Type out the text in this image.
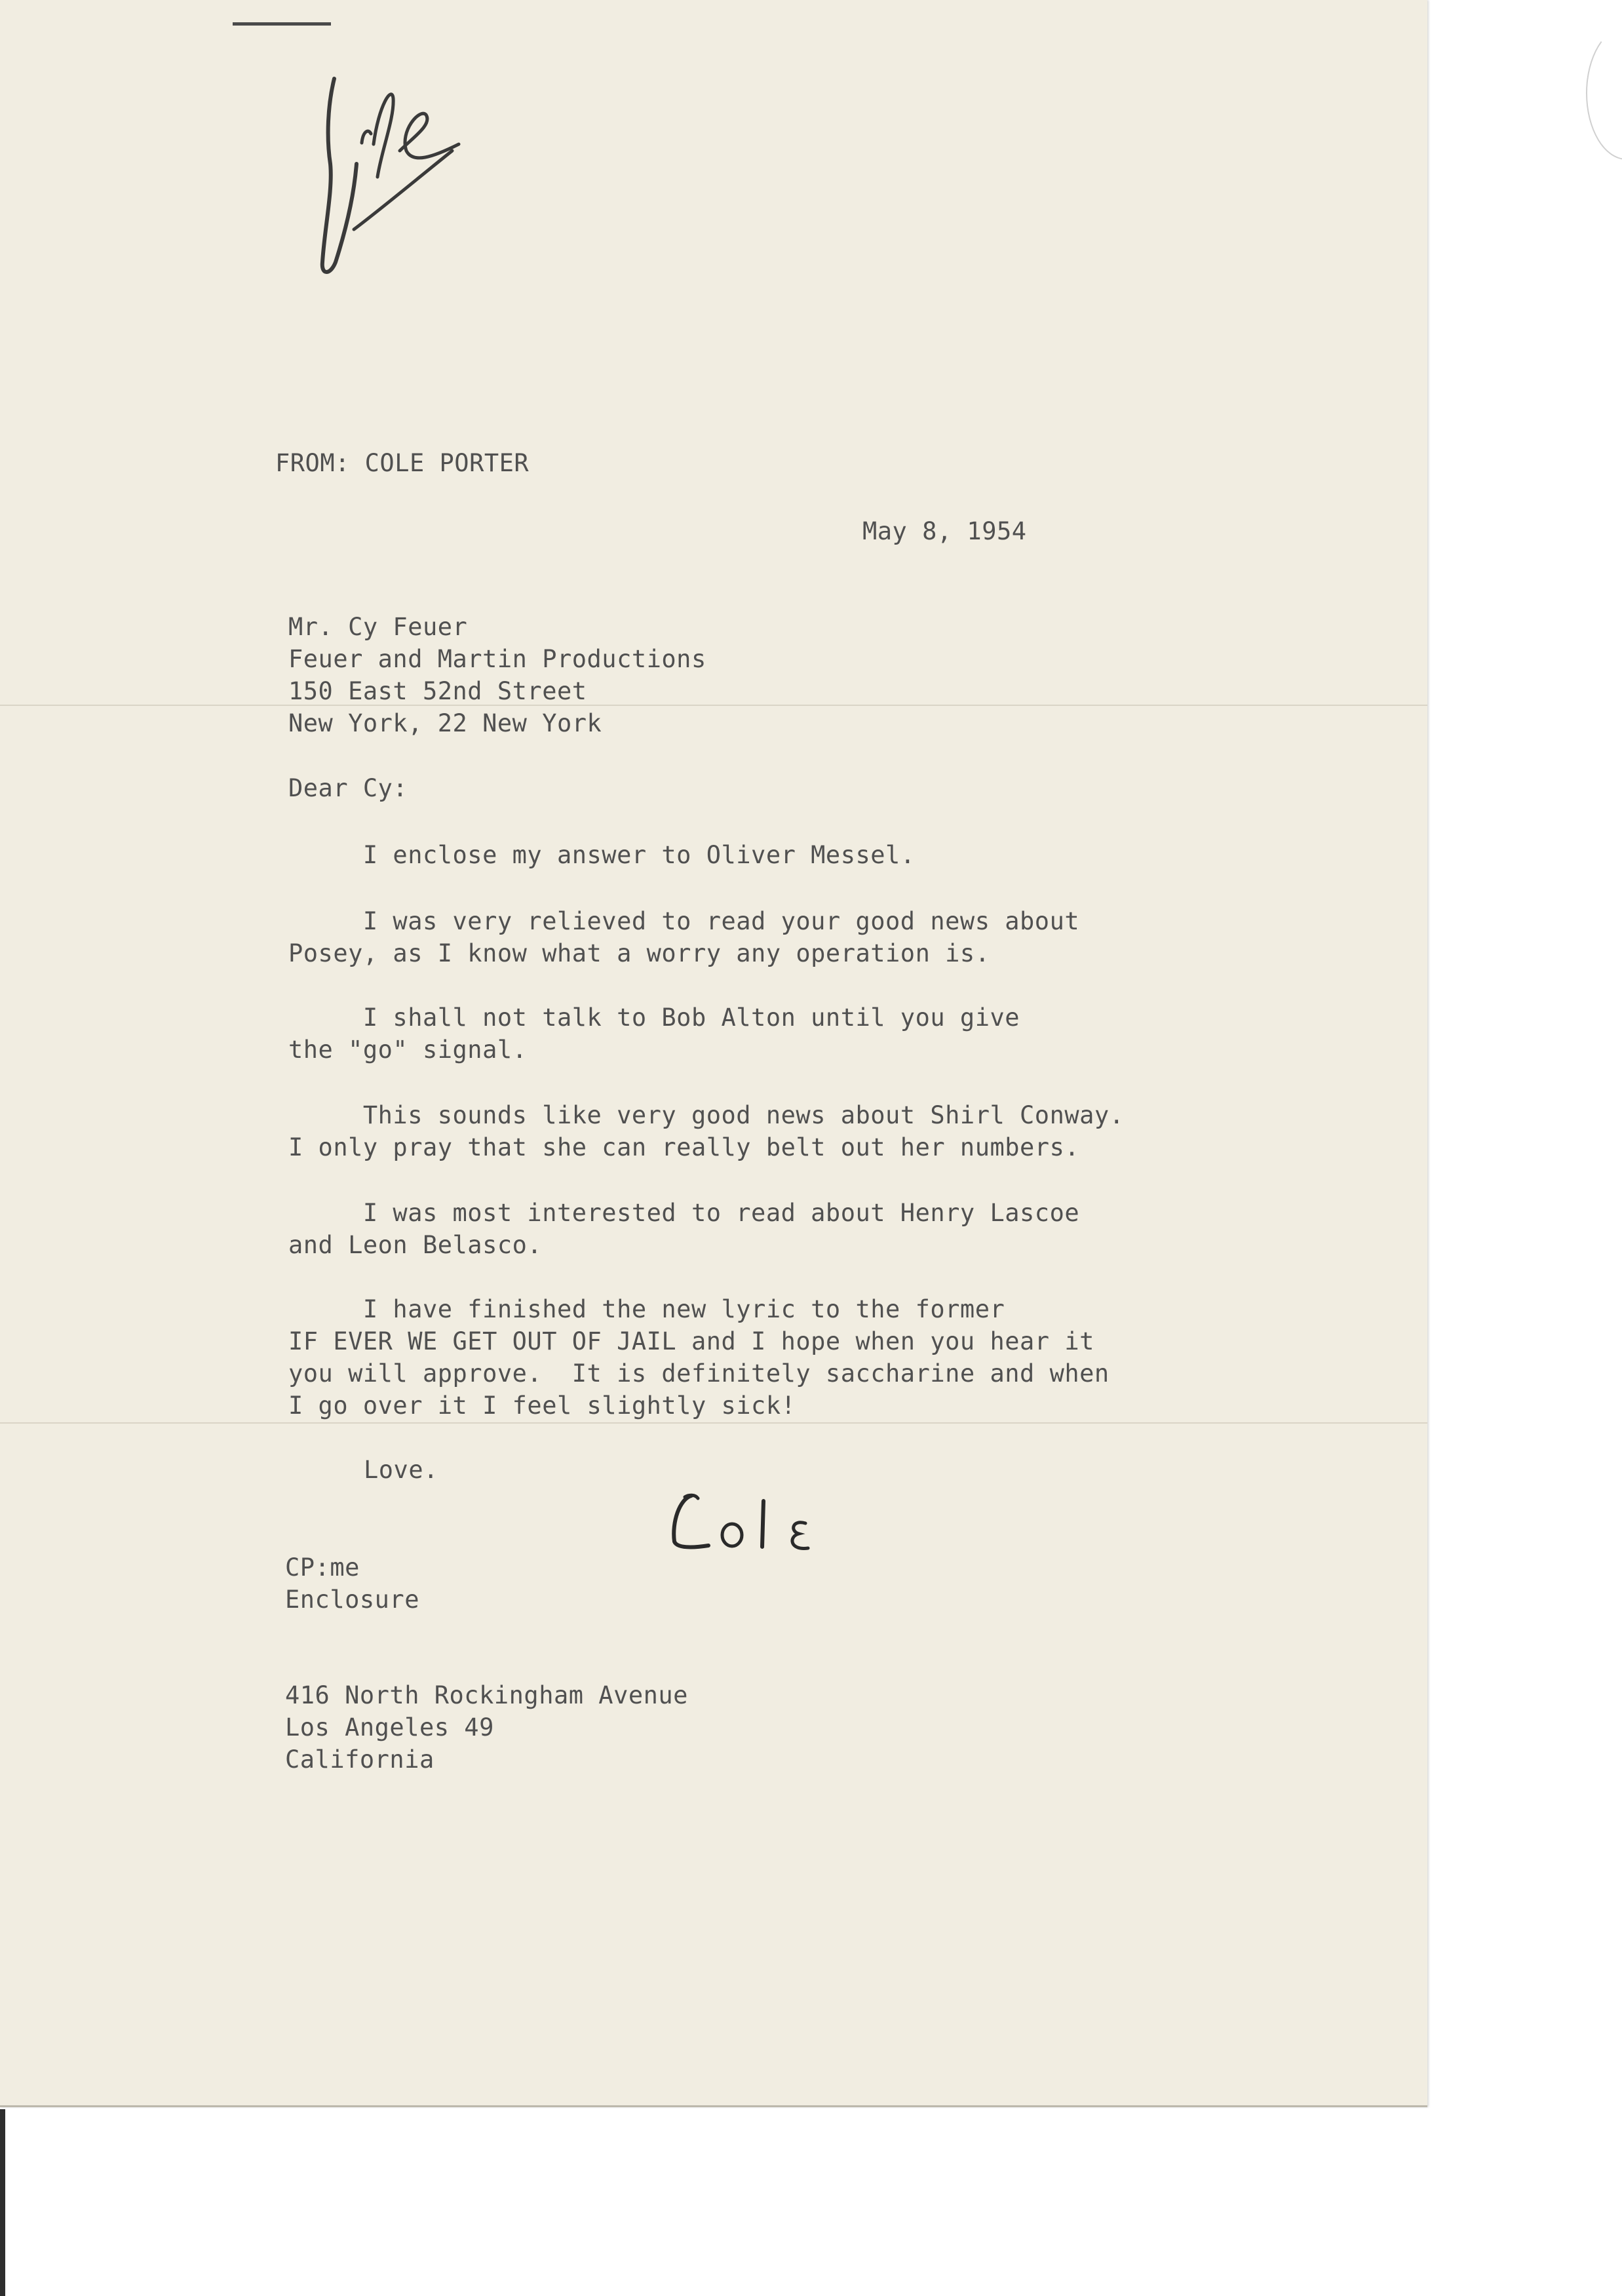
FROM: COLE PORTER

May 8, 1954

Mr. Cy Feuer

Feuer and Martin Productions

150 East 52nd Street

New York, 22 New York

Dear Cy:

I enclose my answer to Oliver Messel.

I was very relieved to read your good news about

Posey, as I know what a worry any operation is.

I shall not talk to Bob Alton until you give

the "go" signal.

This sounds like very good news about Shirl Conway.

I only pray that she can really belt out her numbers.

I was most interested to read about Henry Lascoe

and Leon Belasco.

I have finished the new lyric to the former

IF EVER WE GET OUT OF JAIL and I hope when you hear it

you will approve.  It is definitely saccharine and when

I go over it I feel slightly sick!

Love.

CP:me

Enclosure

416 North Rockingham Avenue

Los Angeles 49

California
